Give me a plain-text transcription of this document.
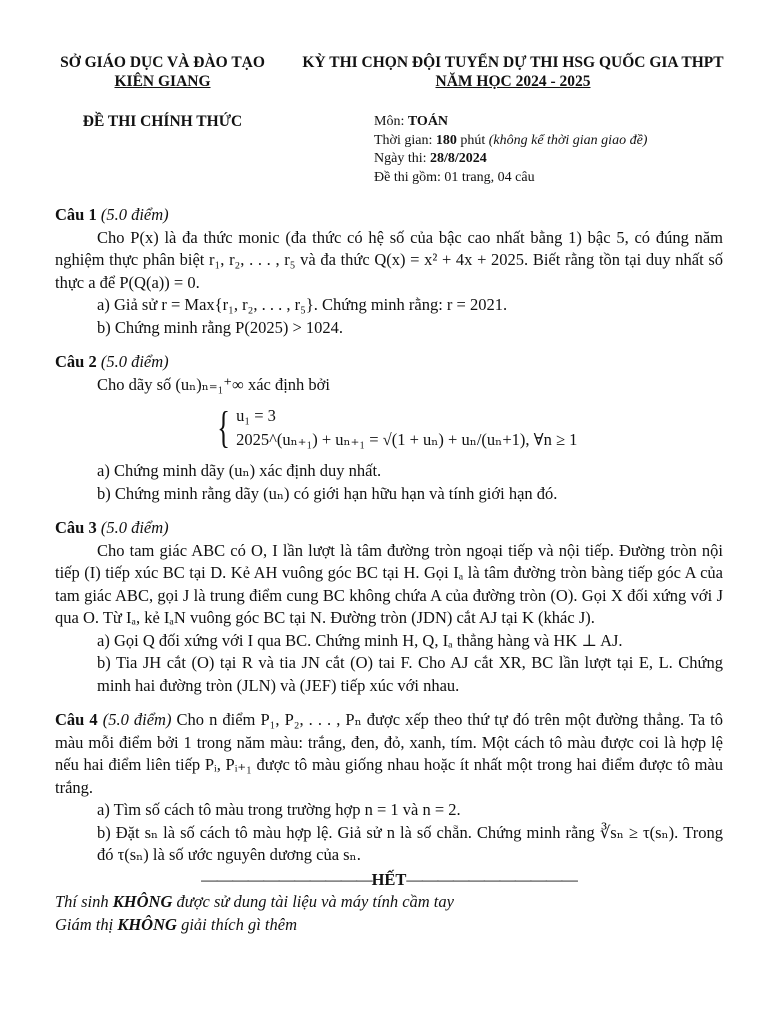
SỞ GIÁO DỤC VÀ ĐÀO TẠO
KIÊN GIANG
KỲ THI CHỌN ĐỘI TUYỂN DỰ THI HSG QUỐC GIA THPT
NĂM HỌC 2024 - 2025
ĐỀ THI CHÍNH THỨC	Môn: TOÁN
Thời gian: 180 phút (không kể thời gian giao đề)
Ngày thi: 28/8/2024
Đề thi gồm: 01 trang, 04 câu
Câu 1 (5.0 điểm)
Cho P(x) là đa thức monic (đa thức có hệ số của bậc cao nhất bằng 1) bậc 5, có đúng năm nghiệm thực phân biệt r₁, r₂, . . . , r₅ và đa thức Q(x) = x² + 4x + 2025. Biết rằng tồn tại duy nhất số thực a để P(Q(a)) = 0.
a) Giả sử r = Max{r₁, r₂, . . . , r₅}. Chứng minh rằng: r = 2021.
b) Chứng minh rằng P(2025) > 1024.
Câu 2 (5.0 điểm)
Cho dãy số (uₙ)ₙ₌₁⁺∞ xác định bởi
{ u₁ = 3
2025^(uₙ₊₁) + uₙ₊₁ = √(1 + uₙ) + uₙ/(uₙ+1), ∀n ≥ 1
a) Chứng minh dãy (uₙ) xác định duy nhất.
b) Chứng minh rằng dãy (uₙ) có giới hạn hữu hạn và tính giới hạn đó.
Câu 3 (5.0 điểm)
Cho tam giác ABC có O, I lần lượt là tâm đường tròn ngoại tiếp và nội tiếp. Đường tròn nội tiếp (I) tiếp xúc BC tại D. Kẻ AH vuông góc BC tại H. Gọi Iₐ là tâm đường tròn bàng tiếp góc A của tam giác ABC, gọi J là trung điểm cung BC không chứa A của đường tròn (O). Gọi X đối xứng với J qua O. Từ Iₐ, kẻ IₐN vuông góc BC tại N. Đường tròn (JDN) cắt AJ tại K (khác J).
a) Gọi Q đối xứng với I qua BC. Chứng minh H, Q, Iₐ thẳng hàng và HK ⊥ AJ.
b) Tia JH cắt (O) tại R và tia JN cắt (O) tai F. Cho AJ cắt XR, BC lần lượt tại E, L. Chứng minh hai đường tròn (JLN) và (JEF) tiếp xúc với nhau.
Câu 4 (5.0 điểm) Cho n điểm P₁, P₂, . . . , Pₙ được xếp theo thứ tự đó trên một đường thẳng. Ta tô màu mỗi điểm bởi 1 trong năm màu: trắng, đen, đỏ, xanh, tím. Một cách tô màu được coi là hợp lệ nếu hai điểm liên tiếp Pᵢ, Pᵢ₊₁ được tô màu giống nhau hoặc ít nhất một trong hai điểm được tô màu trắng.
a) Tìm số cách tô màu trong trường hợp n = 1 và n = 2.
b) Đặt sₙ là số cách tô màu hợp lệ. Giả sử n là số chẵn. Chứng minh rằng ∛sₙ ≥ τ(sₙ). Trong đó τ(sₙ) là số ước nguyên dương của sₙ.
———————————HẾT———————————
Thí sinh KHÔNG được sử dung tài liệu và máy tính cầm tay
Giám thị KHÔNG giải thích gì thêm
